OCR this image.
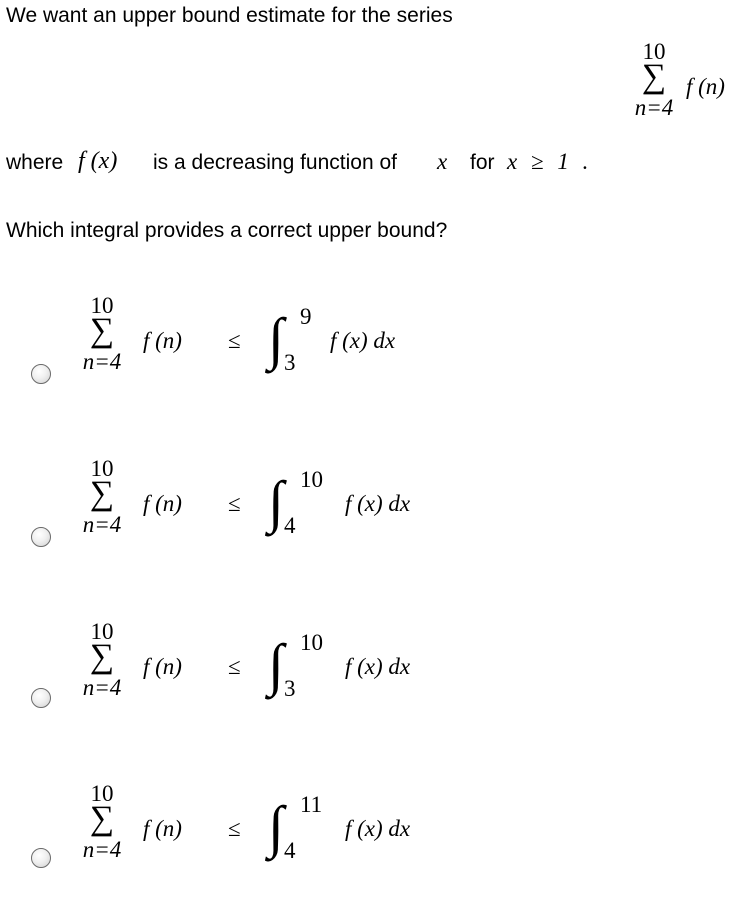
We want an upper bound estimate for the series
10
∑
n=4
f (n)
where f (x) is a decreasing function of x for x ≥ 1 .
Which integral provides a correct upper bound?
10
∑
n=4
f (n) ≤ ∫ 9
3
f (x) dx
10
∑
n=4
f (n) ≤ ∫ 10
4
f (x) dx
10
∑
n=4
f (n) ≤ ∫ 10
3
f (x) dx
10
∑
n=4
f (n) ≤ ∫ 11
4
f (x) dx
